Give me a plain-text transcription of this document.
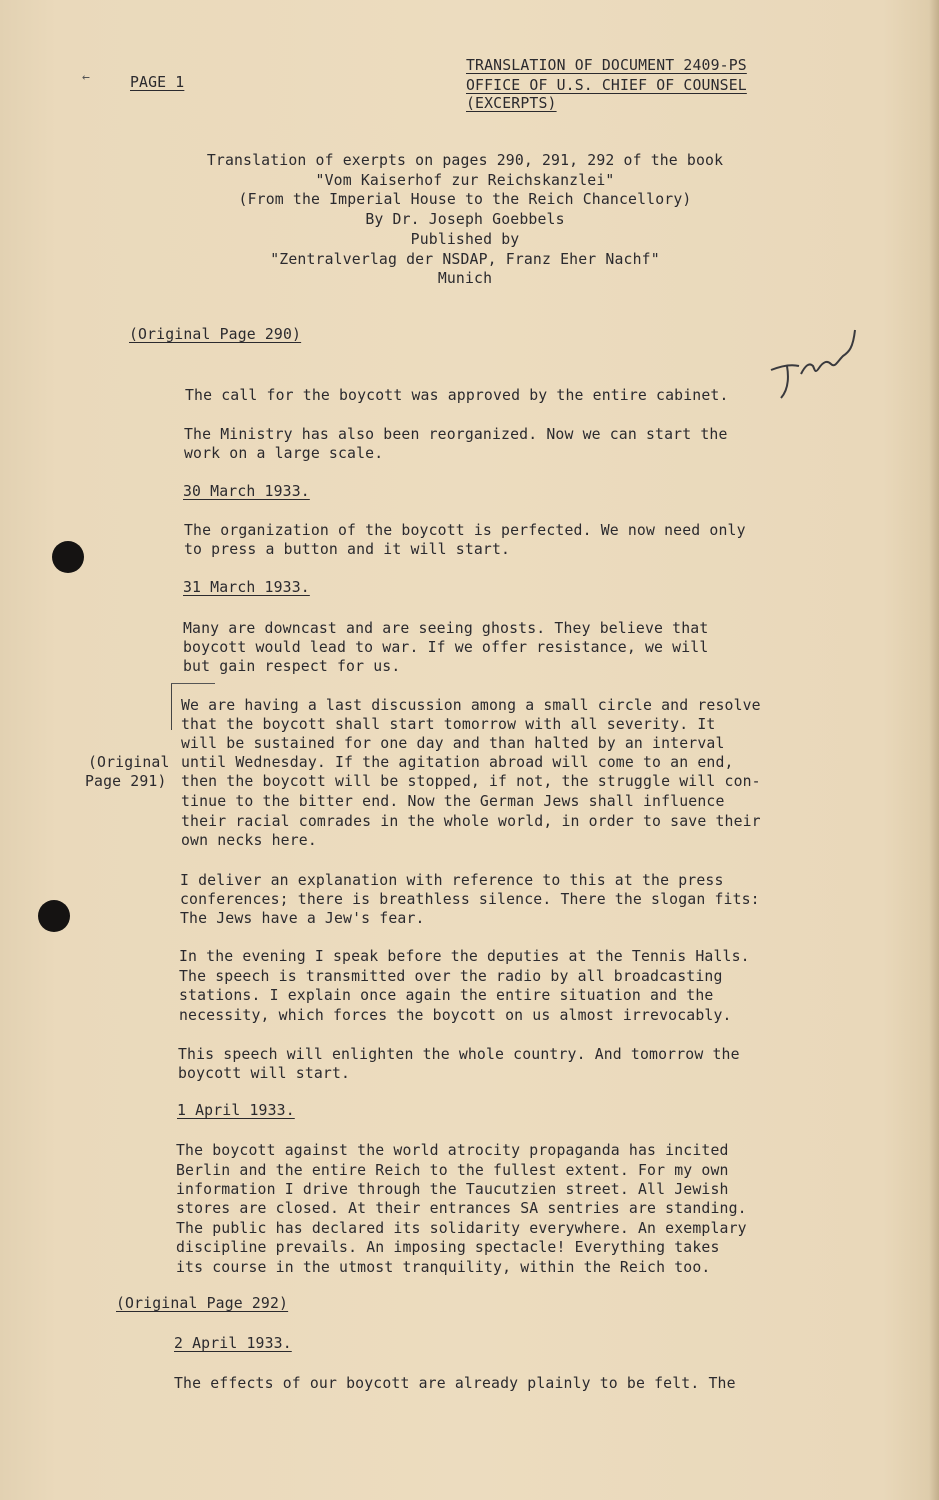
←	PAGE 1
TRANSLATION OF DOCUMENT 2409-PS
OFFICE OF U.S. CHIEF OF COUNSEL
(EXCERPTS)
Translation of exerpts on pages 290, 291, 292 of the book
"Vom Kaiserhof zur Reichskanzlei"
(From the Imperial House to the Reich Chancellory)
By Dr. Joseph Goebbels
Published by
"Zentralverlag der NSDAP, Franz Eher Nachf"
Munich
(Original Page 290)
The call for the boycott was approved by the entire cabinet.
The Ministry has also been reorganized. Now we can start the
work on a large scale.
30 March 1933.
The organization of the boycott is perfected. We now need only
to press a button and it will start.
31 March 1933.
Many are downcast and are seeing ghosts. They believe that
boycott would lead to war. If we offer resistance, we will
but gain respect for us.
We are having a last discussion among a small circle and resolve
that the boycott shall start tomorrow with all severity. It
will be sustained for one day and than halted by an interval
until Wednesday. If the agitation abroad will come to an end,
then the boycott will be stopped, if not, the struggle will con-
tinue to the bitter end. Now the German Jews shall influence
their racial comrades in the whole world, in order to save their
own necks here.
(Original
Page 291)
I deliver an explanation with reference to this at the press
conferences; there is breathless silence. There the slogan fits:
The Jews have a Jew's fear.
In the evening I speak before the deputies at the Tennis Halls.
The speech is transmitted over the radio by all broadcasting
stations. I explain once again the entire situation and the
necessity, which forces the boycott on us almost irrevocably.
This speech will enlighten the whole country. And tomorrow the
boycott will start.
1 April 1933.
The boycott against the world atrocity propaganda has incited
Berlin and the entire Reich to the fullest extent. For my own
information I drive through the Taucutzien street. All Jewish
stores are closed. At their entrances SA sentries are standing.
The public has declared its solidarity everywhere. An exemplary
discipline prevails. An imposing spectacle! Everything takes
its course in the utmost tranquility, within the Reich too.
(Original Page 292)
2 April 1933.
The effects of our boycott are already plainly to be felt. The
